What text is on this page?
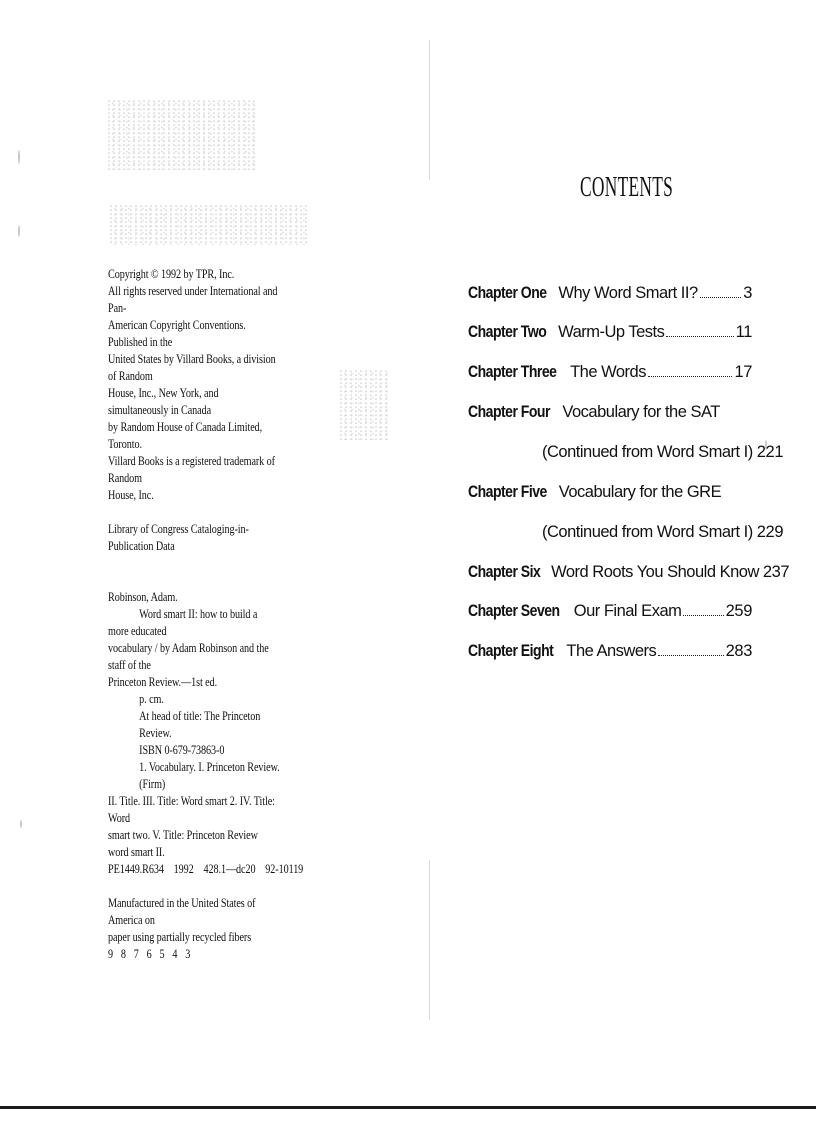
Copyright © 1992 by TPR, Inc.

All rights reserved under International and Pan-

American Copyright Conventions. Published in the

United States by Villard Books, a division of Random

House, Inc., New York, and simultaneously in Canada

by Random House of Canada Limited, Toronto.

Villard Books is a registered trademark of Random

House, Inc.

Library of Congress Cataloging-in-Publication Data

Robinson, Adam.

Word smart II: how to build a more educated

vocabulary / by Adam Robinson and the staff of the

Princeton Review.—1st ed.

p. cm.

At head of title: The Princeton Review.

ISBN 0-679-73863-0

1. Vocabulary. I. Princeton Review. (Firm)

II. Title. III. Title: Word smart 2. IV. Title: Word

smart two. V. Title: Princeton Review word smart II.

PE1449.R634    1992    428.1—dc20    92-10119

Manufactured in the United States of America on

paper using partially recycled fibers

9 8 7 6 5 4 3

CONTENTS
Chapter One Why Word Smart II?	3
Chapter Two Warm-Up Tests	11
Chapter Three The Words	17
Chapter Four Vocabulary for the SAT
(Continued from Word Smart I) 221
Chapter Five Vocabulary for the GRE
(Continued from Word Smart I) 229
Chapter Six Word Roots You Should Know 237
Chapter Seven Our Final Exam	259
Chapter Eight The Answers	283
